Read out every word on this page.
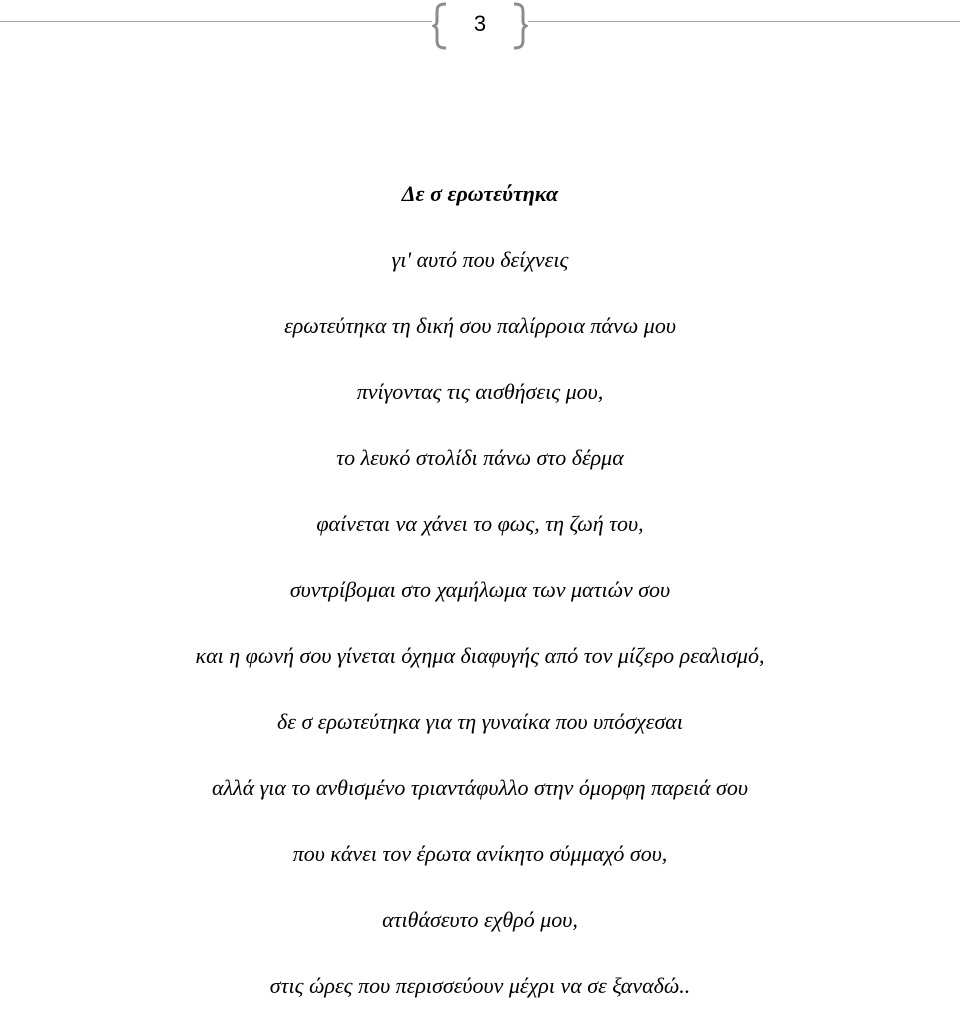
3
Δε σ ερωτεύτηκα
γι' αυτό που δείχνεις
ερωτεύτηκα τη δική σου παλίρροια πάνω μου
πνίγοντας τις αισθήσεις μου,
το λευκό στολίδι πάνω στο δέρμα
φαίνεται να χάνει το φως, τη ζωή του,
συντρίβομαι στο χαμήλωμα των ματιών σου
και η φωνή σου γίνεται όχημα διαφυγής από τον μίζερο ρεαλισμό,
δε σ ερωτεύτηκα για τη γυναίκα που υπόσχεσαι
αλλά για το ανθισμένο τριαντάφυλλο στην όμορφη παρειά σου
που κάνει τον έρωτα ανίκητο σύμμαχό σου,
ατιθάσευτο εχθρό μου,
στις ώρες που περισσεύουν μέχρι να σε ξαναδώ..
